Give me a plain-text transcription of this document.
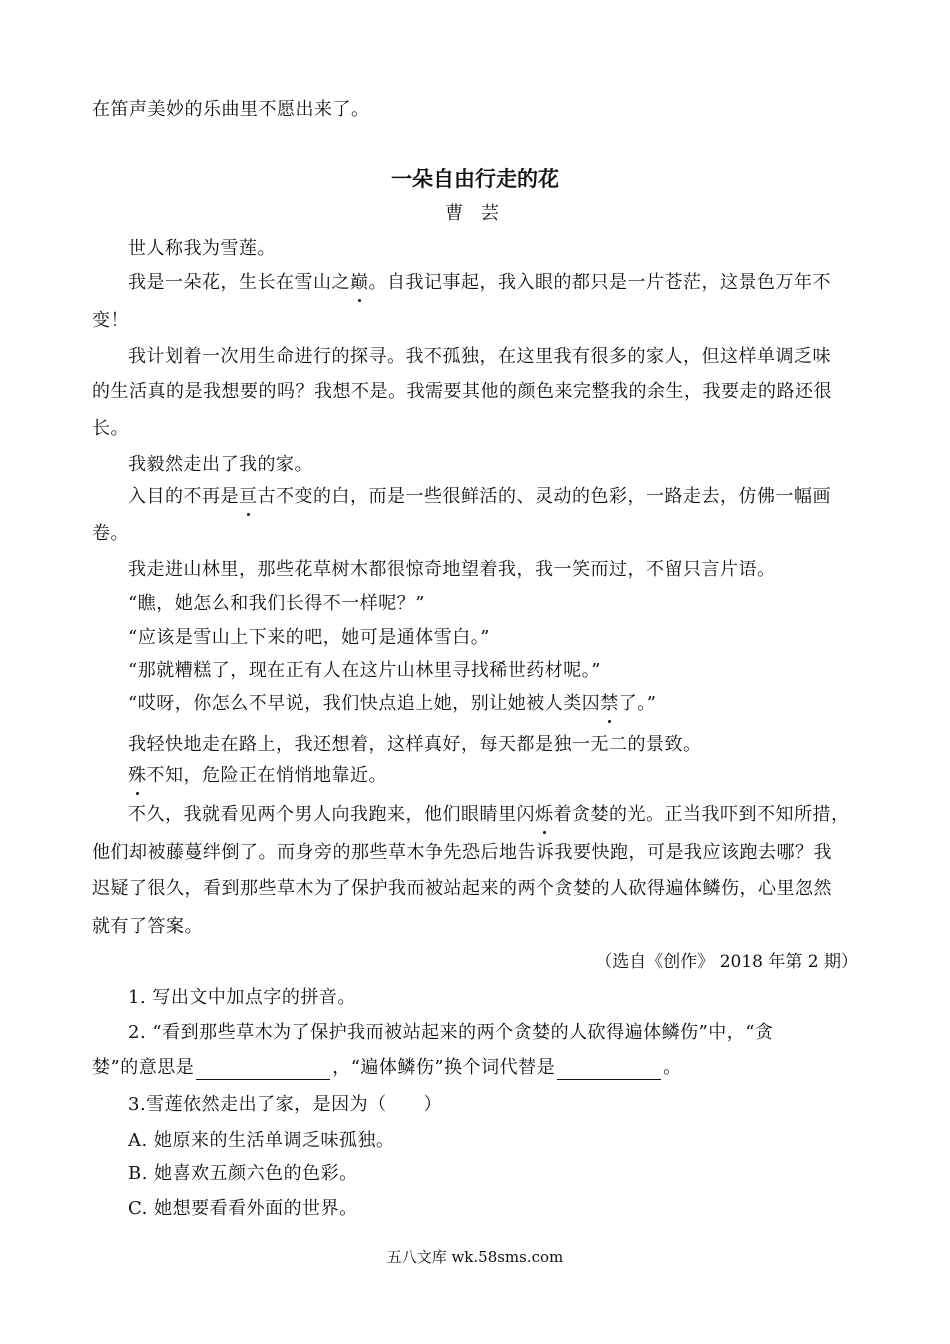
在笛声美妙的乐曲里不愿出来了。
一朵自由行走的花
曹 芸
世人称我为雪莲。
我是一朵花，生长在雪山之巅。自我记事起，我入眼的都只是一片苍茫，这景色万年不
变！
我计划着一次用生命进行的探寻。我不孤独，在这里我有很多的家人，但这样单调乏味
的生活真的是我想要的吗？我想不是。我需要其他的颜色来完整我的余生，我要走的路还很
长。
我毅然走出了我的家。
入目的不再是亘古不变的白，而是一些很鲜活的、灵动的色彩，一路走去，仿佛一幅画
卷。
我走进山林里，那些花草树木都很惊奇地望着我，我一笑而过，不留只言片语。
“瞧，她怎么和我们长得不一样呢？”
“应该是雪山上下来的吧，她可是通体雪白。”
“那就糟糕了，现在正有人在这片山林里寻找稀世药材呢。”
“哎呀，你怎么不早说，我们快点追上她，别让她被人类囚禁了。”
我轻快地走在路上，我还想着，这样真好，每天都是独一无二的景致。
殊不知，危险正在悄悄地靠近。
不久，我就看见两个男人向我跑来，他们眼睛里闪烁着贪婪的光。正当我吓到不知所措，
他们却被藤蔓绊倒了。而身旁的那些草木争先恐后地告诉我要快跑，可是我应该跑去哪？我
迟疑了很久，看到那些草木为了保护我而被站起来的两个贪婪的人砍得遍体鳞伤，心里忽然
就有了答案。
（选自《创作》 2018 年第 2 期）
1. 写出文中加点字的拼音。
2. “看到那些草木为了保护我而被站起来的两个贪婪的人砍得遍体鳞伤”中，“贪
婪”的意思是	，“遍体鳞伤”换个词代替是	。
3.雪莲依然走出了家，是因为（　　）
A. 她原来的生活单调乏味孤独。
B. 她喜欢五颜六色的色彩。
C. 她想要看看外面的世界。
五八文库 wk.58sms.com
